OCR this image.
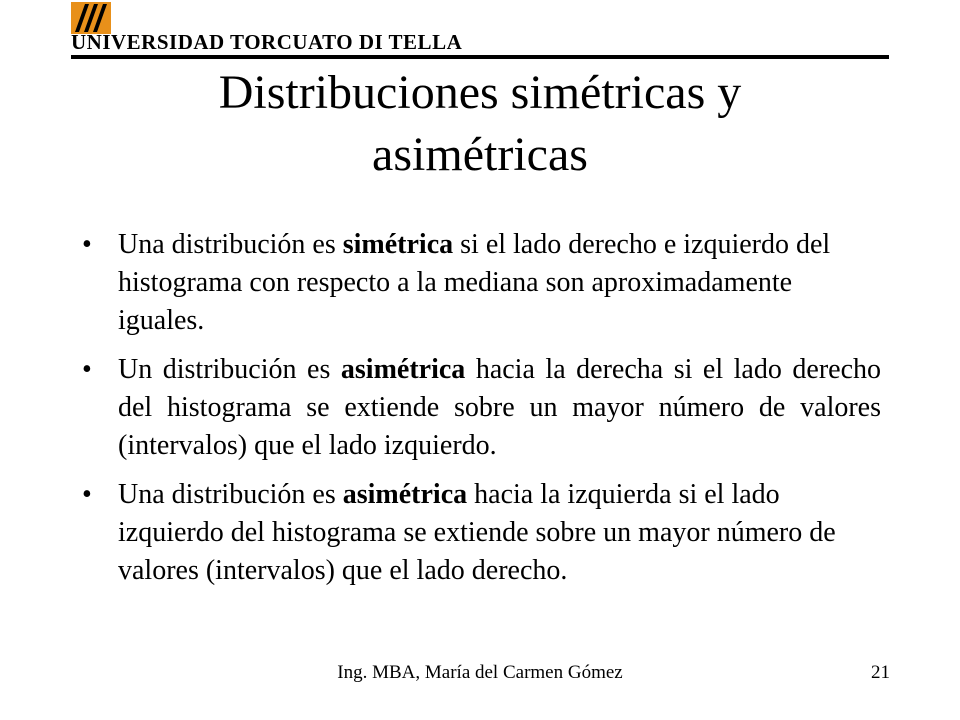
UNIVERSIDAD TORCUATO DI TELLA
Distribuciones simétricas y
asimétricas
• Una distribución es simétrica si el lado derecho e izquierdo del histograma con respecto a la mediana son aproximadamente iguales.
• Un distribución es asimétrica hacia la derecha si el lado derecho del histograma se extiende sobre un mayor número de valores (intervalos) que el lado izquierdo.
• Una distribución es asimétrica hacia la izquierda si el lado izquierdo del histograma se extiende sobre un mayor número de valores (intervalos) que el lado derecho.
Ing. MBA, María del Carmen Gómez	21
